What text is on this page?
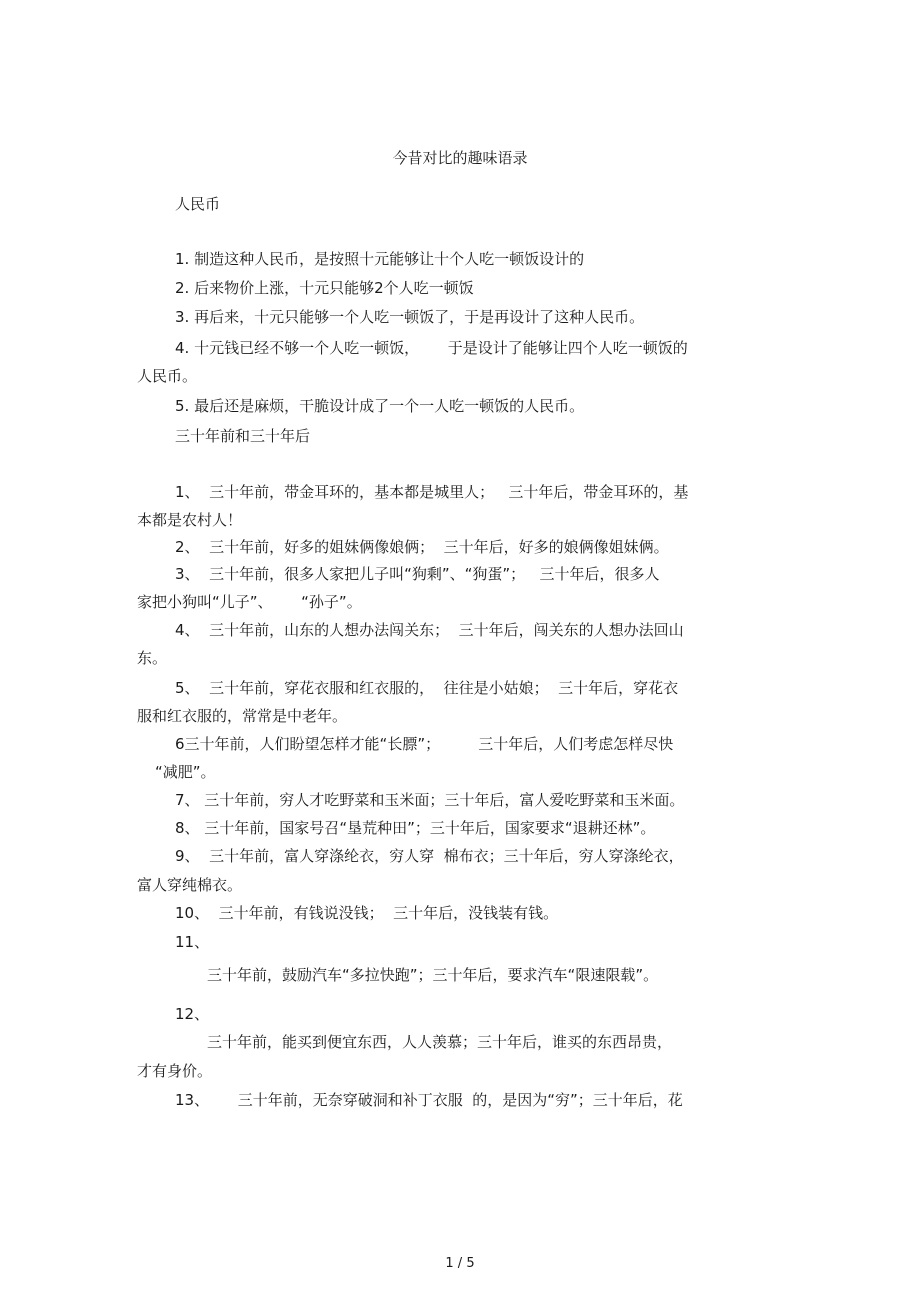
今昔对比的趣味语录
人民币
1. 制造这种人民币，是按照十元能够让十个人吃一顿饭设计的
2. 后来物价上涨，十元只能够2个人吃一顿饭
3. 再后来，十元只能够一个人吃一顿饭了，于是再设计了这种人民币。
4. 十元钱已经不够一个人吃一顿饭，      于是设计了能够让四个人吃一顿饭的
人民币。
5. 最后还是麻烦，干脆设计成了一个一人吃一顿饭的人民币。
三十年前和三十年后
1、  三十年前，带金耳环的，基本都是城里人；   三十年后，带金耳环的，基
本都是农村人！
2、  三十年前，好多的姐妹俩像娘俩；  三十年后，好多的娘俩像姐妹俩。
3、  三十年前，很多人家把儿子叫“狗剩”、“狗蛋”；   三十年后，很多人
家把小狗叫“儿子”、      “孙子”。
4、  三十年前，山东的人想办法闯关东；  三十年后，闯关东的人想办法回山
东。
5、  三十年前，穿花衣服和红衣服的，  往往是小姑娘；  三十年后，穿花衣
服和红衣服的，常常是中老年。
6三十年前，人们盼望怎样才能“长膘”；        三十年后，人们考虑怎样尽快
“减肥”。
7、 三十年前，穷人才吃野菜和玉米面；三十年后，富人爱吃野菜和玉米面。
8、 三十年前，国家号召“垦荒种田”；三十年后，国家要求“退耕还林”。
9、  三十年前，富人穿涤纶衣，穷人穿  棉布衣；三十年后，穷人穿涤纶衣，
富人穿纯棉衣。
10、  三十年前，有钱说没钱；  三十年后，没钱装有钱。
11、
三十年前，鼓励汽车“多拉快跑”；三十年后，要求汽车“限速限载”。
12、
三十年前，能买到便宜东西，人人羡慕；三十年后，谁买的东西昂贵，
才有身价。
13、      三十年前，无奈穿破洞和补丁衣服  的，是因为“穷”；三十年后，花
1 / 5
